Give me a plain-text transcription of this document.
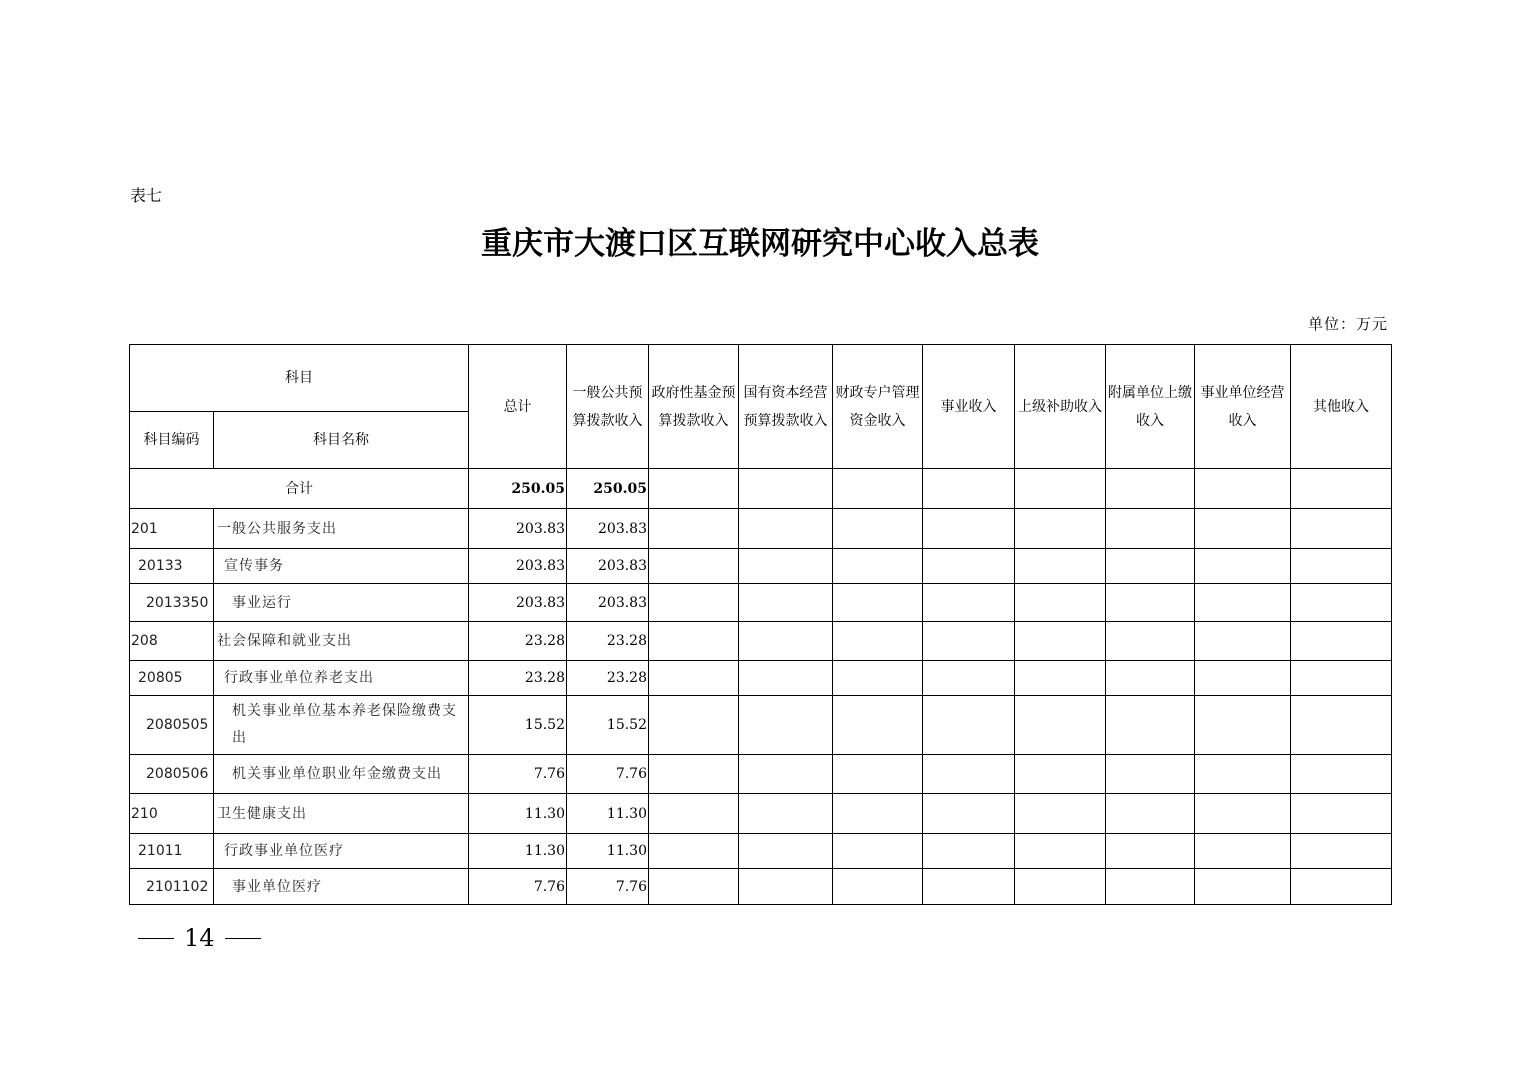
表七
重庆市大渡口区互联网研究中心收入总表
单位：万元
科目		总计	一般公共预算拨款收入	政府性基金预算拨款收入	国有资本经营预算拨款收入	财政专户管理资金收入	事业收入	上级补助收入	附属单位上缴收入	事业单位经营收入	其他收入
科目编码	科目名称										
合计		250.05	250.05								
201	一般公共服务支出	203.83	203.83								
20133	宣传事务	203.83	203.83								
2013350	事业运行	203.83	203.83								
208	社会保障和就业支出	23.28	23.28								
20805	行政事业单位养老支出	23.28	23.28								
2080505	机关事业单位基本养老保险缴费支出	15.52	15.52								
2080506	机关事业单位职业年金缴费支出	7.76	7.76								
210	卫生健康支出	11.30	11.30								
21011	行政事业单位医疗	11.30	11.30								
2101102	事业单位医疗	7.76	7.76								
14
